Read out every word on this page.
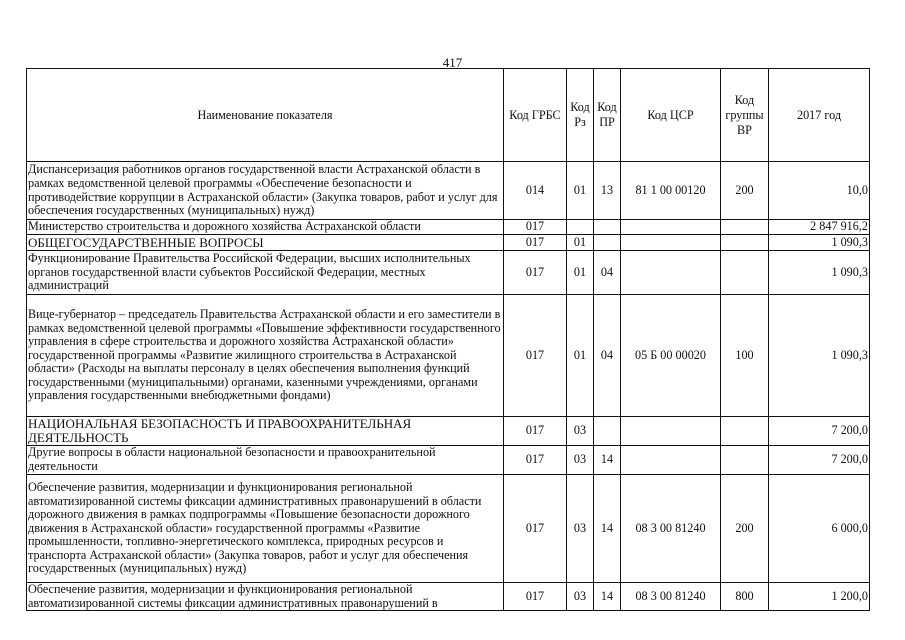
417
Наименование показателя	Код ГРБС	Код Рз	Код ПР	Код ЦСР	Код группы ВР	2017 год
Диспансеризация работников органов государственной власти Астраханской области в рамках ведомственной целевой программы «Обеспечение безопасности и противодействие коррупции в Астраханской области» (Закупка товаров, работ и услуг для обеспечения государственных (муниципальных) нужд)	014	01	13	81 1 00 00120	200	10,0
Министерство строительства и дорожного хозяйства Астраханской области	017					2 847 916,2
ОБЩЕГОСУДАРСТВЕННЫЕ ВОПРОСЫ	017	01				1 090,3
Функционирование Правительства Российской Федерации, высших исполнительных органов государственной власти субъектов Российской Федерации, местных администраций	017	01	04			1 090,3
Вице-губернатор – председатель Правительства Астраханской области и его заместители в рамках ведомственной целевой программы «Повышение эффективности государственного управления в сфере строительства и дорожного хозяйства Астраханской области» государственной программы «Развитие жилищного строительства в Астраханской области» (Расходы на выплаты персоналу в целях обеспечения выполнения функций государственными (муниципальными) органами, казенными учреждениями, органами управления государственными внебюджетными фондами)	017	01	04	05 Б 00 00020	100	1 090,3
НАЦИОНАЛЬНАЯ БЕЗОПАСНОСТЬ И ПРАВООХРАНИТЕЛЬНАЯ ДЕЯТЕЛЬНОСТЬ	017	03				7 200,0
Другие вопросы в области национальной безопасности и правоохранительной деятельности	017	03	14			7 200,0
Обеспечение развития, модернизации и функционирования региональной автоматизированной системы фиксации административных правонарушений в области дорожного движения в рамках подпрограммы «Повышение безопасности дорожного движения в Астраханской области» государственной программы «Развитие промышленности, топливно-энергетического комплекса, природных ресурсов и транспорта Астраханской области» (Закупка товаров, работ и услуг для обеспечения государственных (муниципальных) нужд)	017	03	14	08 3 00 81240	200	6 000,0
Обеспечение развития, модернизации и функционирования региональной автоматизированной системы фиксации административных правонарушений в	017	03	14	08 3 00 81240	800	1 200,0
